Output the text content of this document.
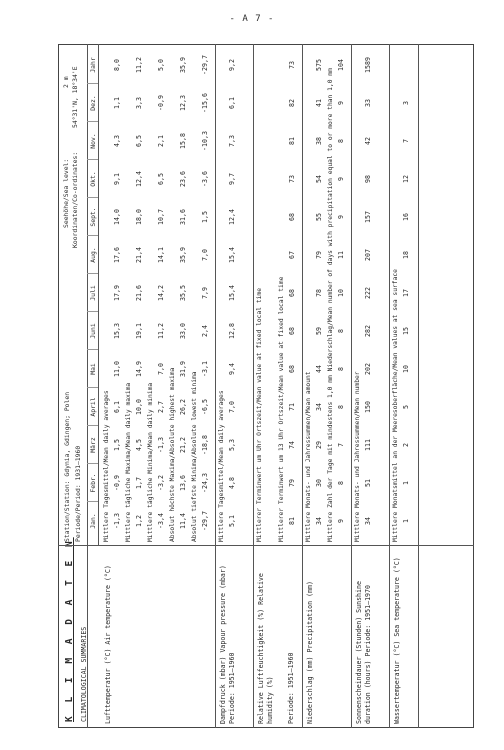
- A 7 -
K L I M A D A T E N CLIMATOLOGICAL SUMMARIES
Station/Station: Gdynia, Gdingen; Polen Periode/Period: 1931–1960
Seehöhe/Sea level:
2 m
Koordinaten/Co-ordinates:
54°31'N, 18°34'E
Jan.
Febr.
März
April
Mai
Juni
Juli
Aug.
Sept.
Okt.
Nov.
Dez.
Jahr
Lufttemperatur (°C) Air temperature (°C)
Mittlere Tagesmittel/Mean daily averages -1,3
-0,9
1,5
6,1
11,0
15,3
17,9
17,6
14,0
9,1
4,3
1,1
8,0
Mittlere tägliche Maxima/Mean daily maxima 1,2
1,7
4,5
10,0
14,9
19,1
21,6
21,4
18,0
12,4
6,5
3,3
11,2
Mittlere tägliche Minima/Mean daily minima -3,4
-3,2
-1,3
2,7
7,0
11,2
14,2
14,1
10,7
6,5
2,1
-0,9
5,0
Absolut höchste Maxima/Absolute highest maxima 11,4
13,6
21,2
26,2
31,9
33,0
35,5
35,9
31,6
23,6
15,8
12,3
35,9
Absolut tiefste Minima/Absolute lowest minima -29,7
-24,3
-18,8
-6,5
-3,1
2,4
7,9
7,0
1,5
-3,6
-10,3
-15,6
-29,7
Dampfdruck (mbar) Vapour pressure (mbar) Periode: 1951–1960
Mittlere Tagesmittel/Mean daily averages 5,1
4,8
5,3
7,0
9,4
12,8
15,4
15,4
12,4
9,7
7,3
6,1
9,2
Relative Luftfeuchtigkeit (%) Relative humidity (%)
Mittlerer Terminwert um Uhr Ortszeit/Mean value at fixed local time Mittlerer Terminwert um 13 Uhr Ortszeit/Mean value at fixed local time 81
79
74
71
68
68
68
67
68
73
81
82
73
Periode: 1951–1960 Niederschlag (mm) Precipitation (mm)
Mittlere Monats- und Jahressummen/Mean amount 34
30
29
34
44
59
78
79
55
54
38
41
575
Mittlere Zahl der Tage mit mindestens 1,0 mm Niederschlag/Mean number of days with precipitation equal to or more than 1,0 mm 9
8
7
8
8
8
10
11
9
9
8
9
104
Sonnenscheindauer (Stunden) Sunshine duration (hours) Periode: 1951–1970
Mittlere Monats- und Jahressummen/Mean number 34
51
111
150
202
282
222
207
157
98
42
33
1589
Wassertemperatur (°C) Sea temperature (°C)
Mittlere Monatsmittel an der Meeresoberfläche/Mean values at sea surface 1
1
2
5
10
15
17
18
16
12
7
3
